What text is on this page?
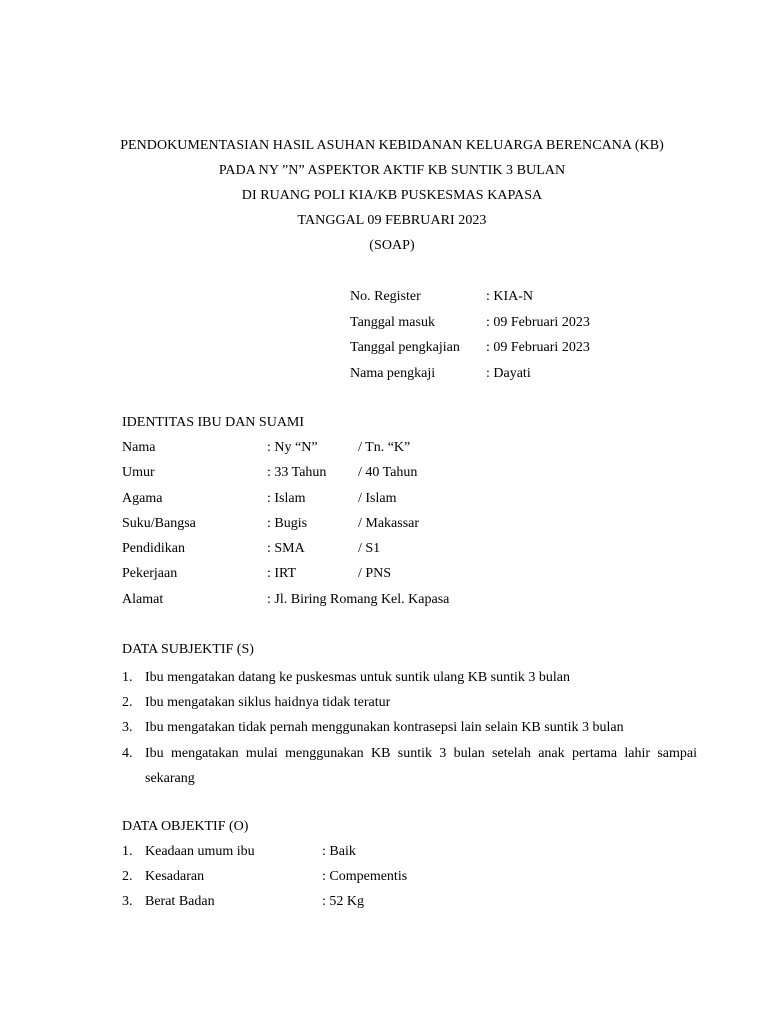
PENDOKUMENTASIAN HASIL ASUHAN KEBIDANAN KELUARGA BERENCANA (KB)
PADA NY ”N” ASPEKTOR AKTIF KB SUNTIK 3 BULAN
DI RUANG POLI KIA/KB PUSKESMAS KAPASA
TANGGAL 09 FEBRUARI 2023
(SOAP)
No. Register	: KIA-N
Tanggal masuk	: 09 Februari 2023
Tanggal pengkajian : 09 Februari 2023
Nama pengkaji	: Dayati
IDENTITAS IBU DAN SUAMI
Nama	: Ny “N”	/ Tn. “K”
Umur	: 33 Tahun / 40 Tahun
Agama	: Islam	/ Islam
Suku/Bangsa	: Bugis	/ Makassar
Pendidikan	: SMA	/ S1
Pekerjaan	: IRT	/ PNS
Alamat	: Jl. Biring Romang Kel. Kapasa
DATA SUBJEKTIF (S)
1. Ibu mengatakan datang ke puskesmas untuk suntik ulang KB suntik 3 bulan
2. Ibu mengatakan siklus haidnya tidak teratur
3. Ibu mengatakan tidak pernah menggunakan kontrasepsi lain selain KB suntik 3 bulan
4. Ibu mengatakan mulai menggunakan KB suntik 3 bulan setelah anak pertama lahir sampai sekarang
DATA OBJEKTIF (O)
1. Keadaan umum ibu	: Baik
2. Kesadaran	: Compementis
3. Berat Badan	: 52 Kg
